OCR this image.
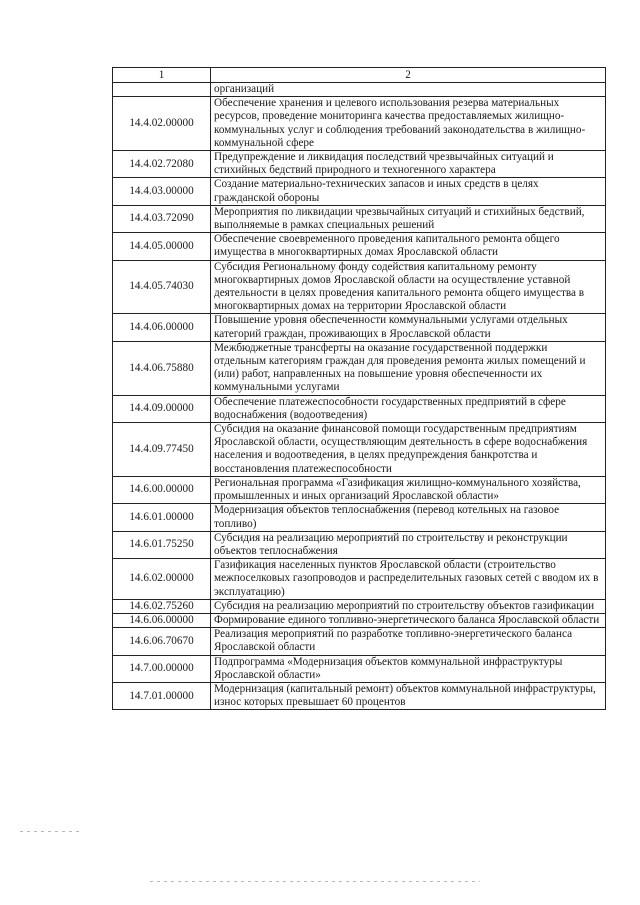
1	2
	организаций
14.4.02.00000	Обеспечение хранения и целевого использования резерва материальных ресурсов, проведение мониторинга качества предоставляемых жилищно-коммунальных услуг и соблюдения требований законодательства в жилищно-коммунальной сфере
14.4.02.72080	Предупреждение и ликвидация последствий чрезвычайных ситуаций и стихийных бедствий природного и техногенного характера
14.4.03.00000	Создание материально-технических запасов и иных средств в целях гражданской обороны
14.4.03.72090	Мероприятия по ликвидации чрезвычайных ситуаций и стихийных бедствий, выполняемые в рамках специальных решений
14.4.05.00000	Обеспечение своевременного проведения капитального ремонта общего имущества в многоквартирных домах Ярославской области
14.4.05.74030	Субсидия Региональному фонду содействия капитальному ремонту многоквартирных домов Ярославской области на осуществление уставной деятельности в целях проведения капитального ремонта общего имущества в многоквартирных домах на территории Ярославской области
14.4.06.00000	Повышение уровня обеспеченности коммунальными услугами отдельных категорий граждан, проживающих в Ярославской области
14.4.06.75880	Межбюджетные трансферты на оказание государственной поддержки отдельным категориям граждан для проведения ремонта жилых помещений и (или) работ, направленных на повышение уровня обеспеченности их коммунальными услугами
14.4.09.00000	Обеспечение платежеспособности государственных предприятий в сфере водоснабжения (водоотведения)
14.4.09.77450	Субсидия на оказание финансовой помощи государственным предприятиям Ярославской области, осуществляющим деятельность в сфере водоснабжения населения и водоотведения, в целях предупреждения банкротства и восстановления платежеспособности
14.6.00.00000	Региональная программа «Газификация жилищно-коммунального хозяйства, промышленных и иных организаций Ярославской области»
14.6.01.00000	Модернизация объектов теплоснабжения (перевод котельных на газовое топливо)
14.6.01.75250	Субсидия на реализацию мероприятий по строительству и реконструкции объектов теплоснабжения
14.6.02.00000	Газификация населенных пунктов Ярославской области (строительство межпоселковых газопроводов и распределительных газовых сетей с вводом их в эксплуатацию)
14.6.02.75260	Субсидия на реализацию мероприятий по строительству объектов газификации
14.6.06.00000	Формирование единого топливно-энергетического баланса Ярославской области
14.6.06.70670	Реализация мероприятий по разработке топливно-энергетического баланса Ярославской области
14.7.00.00000	Подпрограмма «Модернизация объектов коммунальной инфраструктуры Ярославской области»
14.7.01.00000	Модернизация (капитальный ремонт) объектов коммунальной инфраструктуры, износ которых превышает 60 процентов
